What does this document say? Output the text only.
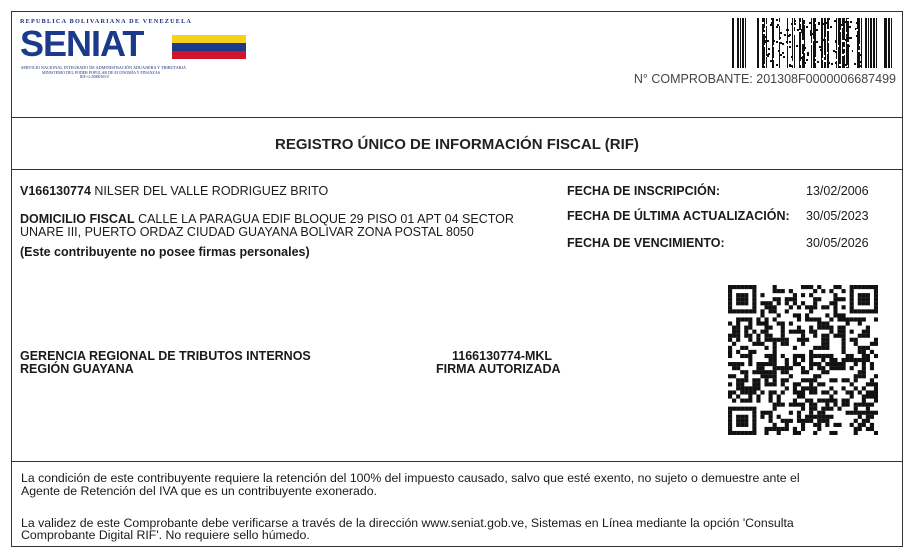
REPUBLICA BOLIVARIANA DE VENEZUELA
SENIAT
SERVICIO NACIONAL INTEGRADO DE ADMINISTRACIÓN ADUANERA Y TRIBUTARIA
MINISTERIO DEL PODER POPULAR DE ECONOMÍA Y FINANZAS
RIF: G-20000303-0	N° COMPROBANTE: 201308F0000006687499
REGISTRO ÚNICO DE INFORMACIÓN FISCAL (RIF)
V166130774 NILSER DEL VALLE RODRIGUEZ BRITO
DOMICILIO FISCAL CALLE LA PARAGUA EDIF BLOQUE 29 PISO 01 APT 04 SECTOR
UNARE III, PUERTO ORDAZ CIUDAD GUAYANA BOLIVAR ZONA POSTAL 8050
(Este contribuyente no posee firmas personales)
FECHA DE INSCRIPCIÓN:	13/02/2006
FECHA DE ÚLTIMA ACTUALIZACIÓN: 30/05/2023
FECHA DE VENCIMIENTO:	30/05/2026
GERENCIA REGIONAL DE TRIBUTOS INTERNOS
REGIÓN GUAYANA
1166130774-MKL
FIRMA AUTORIZADA

La condición de este contribuyente requiere la retención del 100% del impuesto causado, salvo que esté exento, no sujeto o demuestre ante el

Agente de Retención del IVA que es un contribuyente exonerado.

La validez de este Comprobante debe verificarse a través de la dirección www.seniat.gob.ve, Sistemas en Línea mediante la opción 'Consulta

Comprobante Digital RIF'. No requiere sello húmedo.
